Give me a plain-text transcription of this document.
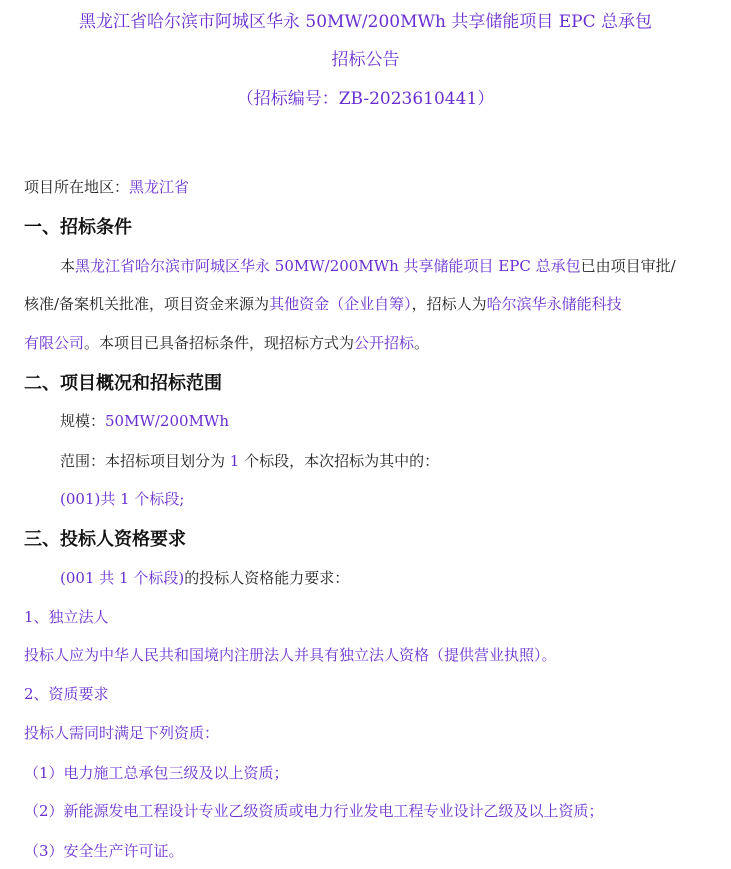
黑龙江省哈尔滨市阿城区华永 50MW/200MWh 共享储能项目 EPC 总承包
招标公告
（招标编号：ZB-2023610441）
项目所在地区：黑龙江省
一、招标条件
本黑龙江省哈尔滨市阿城区华永 50MW/200MWh 共享储能项目 EPC 总承包已由项目审批/
核准/备案机关批准，项目资金来源为其他资金（企业自筹），招标人为哈尔滨华永储能科技
有限公司。本项目已具备招标条件，现招标方式为公开招标。
二、项目概况和招标范围
规模：50MW/200MWh
范围：本招标项目划分为 1 个标段，本次招标为其中的：
(001)共 1 个标段;
三、投标人资格要求
(001 共 1 个标段)的投标人资格能力要求：
1、独立法人
投标人应为中华人民共和国境内注册法人并具有独立法人资格（提供营业执照）。
2、资质要求
投标人需同时满足下列资质：
（1）电力施工总承包三级及以上资质；
（2）新能源发电工程设计专业乙级资质或电力行业发电工程专业设计乙级及以上资质；
（3）安全生产许可证。
